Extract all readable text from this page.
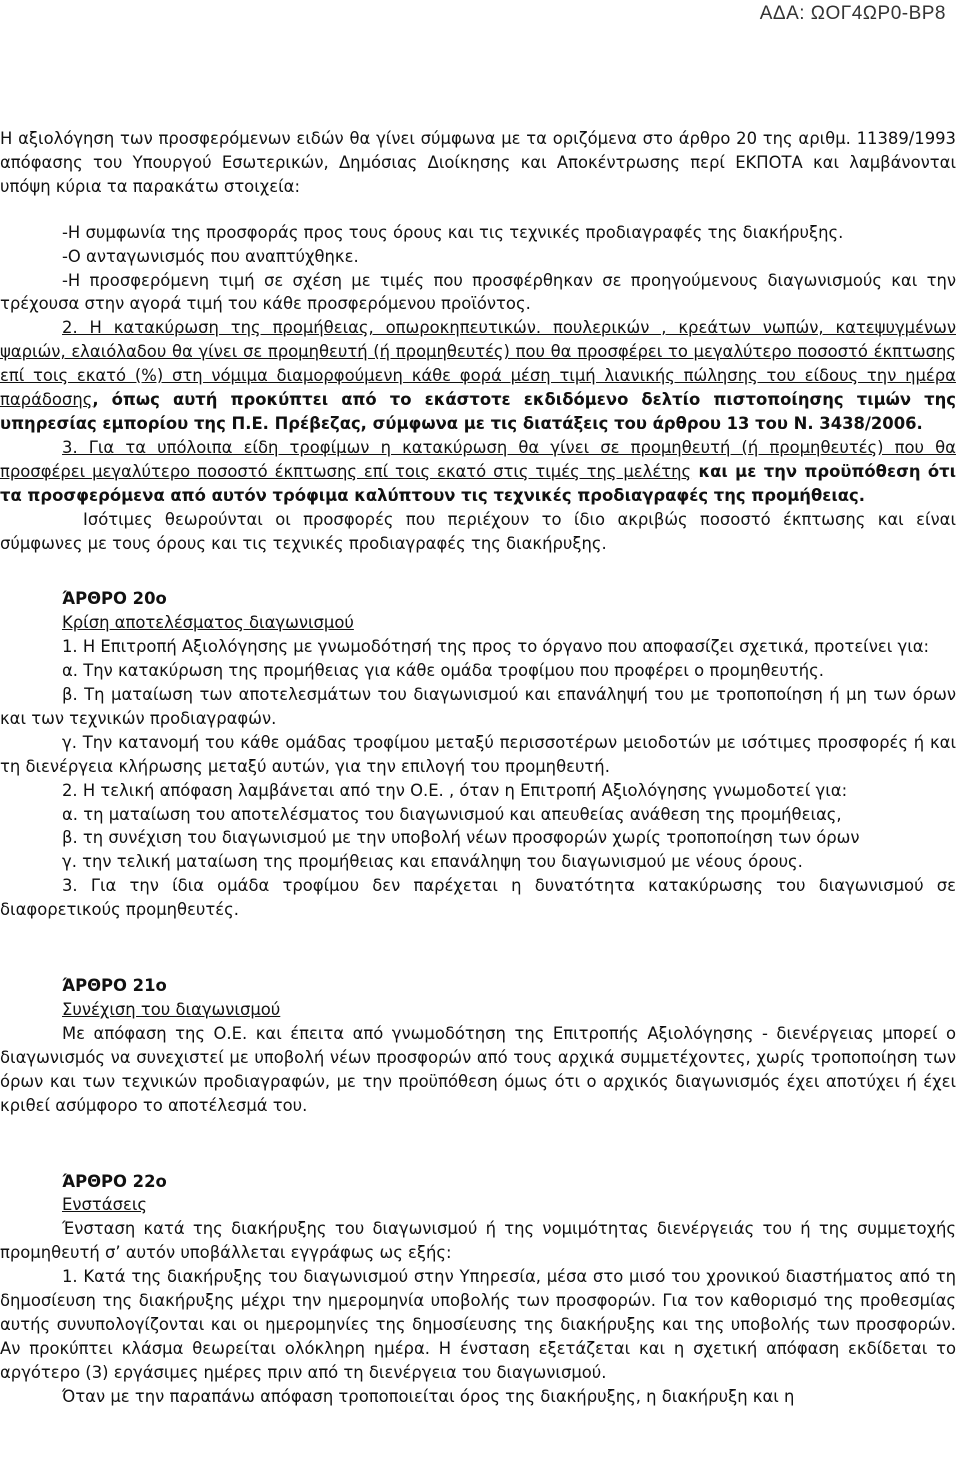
ΑΔΑ: ΩΟΓ4ΩΡ0-ΒΡ8

Η αξιολόγηση των προσφερόμενων ειδών θα γίνει σύμφωνα με τα οριζόμενα στο άρθρο 20 της αριθμ. 11389/1993 απόφασης του Υπουργού Εσωτερικών, Δημόσιας Διοίκησης και Αποκέντρωσης περί ΕΚΠΟΤΑ και λαμβάνονται υπόψη κύρια τα παρακάτω στοιχεία:

-Η συμφωνία της προσφοράς προς τους όρους και τις τεχνικές προδιαγραφές της διακήρυξης.

-Ο ανταγωνισμός που αναπτύχθηκε.

-Η προσφερόμενη τιμή σε σχέση με τιμές που προσφέρθηκαν σε προηγούμενους διαγωνισμούς και την τρέχουσα στην αγορά τιμή του κάθε προσφερόμενου προϊόντος.

2. Η κατακύρωση της προμήθειας, οπωροκηπευτικών. πουλερικών , κρεάτων νωπών, κατεψυγμένων ψαριών, ελαιόλαδου θα γίνει σε προμηθευτή (ή προμηθευτές) που θα προσφέρει το μεγαλύτερο ποσοστό έκπτωσης επί τοις εκατό (%) στη νόμιμα διαμορφούμενη κάθε φορά μέση τιμή λιανικής πώλησης του είδους την ημέρα παράδοσης, όπως αυτή προκύπτει από το εκάστοτε εκδιδόμενο δελτίο πιστοποίησης τιμών της υπηρεσίας εμπορίου της Π.Ε. Πρέβεζας, σύμφωνα με τις διατάξεις του άρθρου 13 του Ν. 3438/2006.

3. Για τα υπόλοιπα είδη τροφίμων η κατακύρωση θα γίνει σε προμηθευτή (ή προμηθευτές) που θα προσφέρει μεγαλύτερο ποσοστό έκπτωσης επί τοις εκατό στις τιμές της μελέτης και με την προϋπόθεση ότι τα προσφερόμενα από αυτόν τρόφιμα καλύπτουν τις τεχνικές προδιαγραφές της προμήθειας.

Ισότιμες θεωρούνται οι προσφορές που περιέχουν το ίδιο ακριβώς ποσοστό έκπτωσης και είναι σύμφωνες με τους όρους και τις τεχνικές προδιαγραφές της διακήρυξης.

ΆΡΘΡΟ 20ο
Κρίση αποτελέσματος διαγωνισμού

1. Η Επιτροπή Αξιολόγησης με γνωμοδότησή της προς το όργανο που αποφασίζει σχετικά, προτείνει για:

α. Την κατακύρωση της προμήθειας για κάθε ομάδα τροφίμου που προφέρει ο προμηθευτής.

β. Τη ματαίωση των αποτελεσμάτων του διαγωνισμού και επανάληψή του με τροποποίηση ή μη των όρων και των τεχνικών προδιαγραφών.

γ. Την κατανομή του κάθε ομάδας τροφίμου μεταξύ περισσοτέρων μειοδοτών με ισότιμες προσφορές ή και τη διενέργεια κλήρωσης μεταξύ αυτών, για την επιλογή του προμηθευτή.

2. Η τελική απόφαση λαμβάνεται από την Ο.Ε. , όταν η Επιτροπή Αξιολόγησης γνωμοδοτεί για:

α. τη ματαίωση του αποτελέσματος του διαγωνισμού και απευθείας ανάθεση της προμήθειας,

β. τη συνέχιση του διαγωνισμού με την υποβολή νέων προσφορών χωρίς τροποποίηση των όρων

γ. την τελική ματαίωση της προμήθειας και επανάληψη του διαγωνισμού με νέους όρους.

3. Για την ίδια ομάδα τροφίμου δεν παρέχεται η δυνατότητα κατακύρωσης του διαγωνισμού σε διαφορετικούς προμηθευτές.

ΆΡΘΡΟ 21ο
Συνέχιση του διαγωνισμού

Με απόφαση της Ο.Ε. και έπειτα από γνωμοδότηση της Επιτροπής Αξιολόγησης - διενέργειας μπορεί ο διαγωνισμός να συνεχιστεί με υποβολή νέων προσφορών από τους αρχικά συμμετέχοντες, χωρίς τροποποίηση των όρων και των τεχνικών προδιαγραφών, με την προϋπόθεση όμως ότι ο αρχικός διαγωνισμός έχει αποτύχει ή έχει κριθεί ασύμφορο το αποτέλεσμά του.

ΆΡΘΡΟ 22ο
Ενστάσεις

Ένσταση κατά της διακήρυξης του διαγωνισμού ή της νομιμότητας διενέργειάς του ή της συμμετοχής προμηθευτή σ’ αυτόν υποβάλλεται εγγράφως ως εξής:

1. Κατά της διακήρυξης του διαγωνισμού στην Υπηρεσία, μέσα στο μισό του χρονικού διαστήματος από τη δημοσίευση της διακήρυξης μέχρι την ημερομηνία υποβολής των προσφορών. Για τον καθορισμό της προθεσμίας αυτής συνυπολογίζονται και οι ημερομηνίες της δημοσίευσης της διακήρυξης και της υποβολής των προσφορών. Αν προκύπτει κλάσμα θεωρείται ολόκληρη ημέρα. Η ένσταση εξετάζεται και η σχετική απόφαση εκδίδεται το αργότερο (3) εργάσιμες ημέρες πριν από τη διενέργεια του διαγωνισμού.

Όταν με την παραπάνω απόφαση τροποποιείται όρος της διακήρυξης, η διακήρυξη και η
